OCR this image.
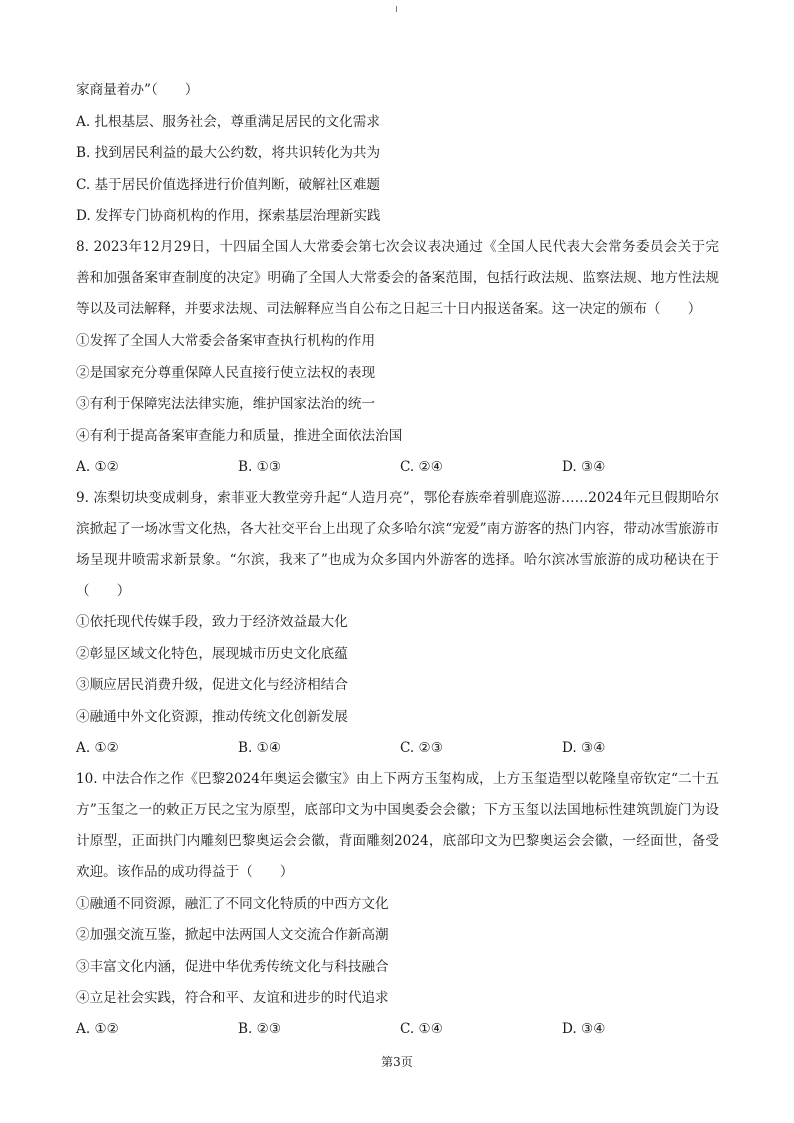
家商量着办”（　　）
A. 扎根基层、服务社会，尊重满足居民的文化需求
B. 找到居民利益的最大公约数，将共识转化为共为
C. 基于居民价值选择进行价值判断，破解社区难题
D. 发挥专门协商机构的作用，探索基层治理新实践
8. 2023年12月29日，十四届全国人大常委会第七次会议表决通过《全国人民代表大会常务委员会关于完善和加强备案审查制度的决定》明确了全国人大常委会的备案范围，包括行政法规、监察法规、地方性法规等以及司法解释，并要求法规、司法解释应当自公布之日起三十日内报送备案。这一决定的颁布（　　）
①发挥了全国人大常委会备案审查执行机构的作用
②是国家充分尊重保障人民直接行使立法权的表现
③有利于保障宪法法律实施，维护国家法治的统一
④有利于提高备案审查能力和质量，推进全面依法治国
A. ①②	B. ①③	C. ②④	D. ③④
9. 冻梨切块变成刺身，索菲亚大教堂旁升起“人造月亮”，鄂伦春族牵着驯鹿巡游……2024年元旦假期哈尔滨掀起了一场冰雪文化热，各大社交平台上出现了众多哈尔滨“宠爱”南方游客的热门内容，带动冰雪旅游市场呈现井喷需求新景象。“尔滨，我来了”也成为众多国内外游客的选择。哈尔滨冰雪旅游的成功秘诀在于（　　）
①依托现代传媒手段，致力于经济效益最大化
②彰显区域文化特色，展现城市历史文化底蕴
③顺应居民消费升级，促进文化与经济相结合
④融通中外文化资源，推动传统文化创新发展
A. ①②	B. ①④	C. ②③	D. ③④
10. 中法合作之作《巴黎2024年奥运会徽宝》由上下两方玉玺构成，上方玉玺造型以乾隆皇帝钦定“二十五方”玉玺之一的敕正万民之宝为原型，底部印文为中国奥委会会徽；下方玉玺以法国地标性建筑凯旋门为设计原型，正面拱门内雕刻巴黎奥运会会徽，背面雕刻2024，底部印文为巴黎奥运会会徽，一经面世，备受欢迎。该作品的成功得益于（　　）
①融通不同资源，融汇了不同文化特质的中西方文化
②加强交流互鉴，掀起中法两国人文交流合作新高潮
③丰富文化内涵，促进中华优秀传统文化与科技融合
④立足社会实践，符合和平、友谊和进步的时代追求
A. ①②	B. ②③	C. ①④	D. ③④
第3页
